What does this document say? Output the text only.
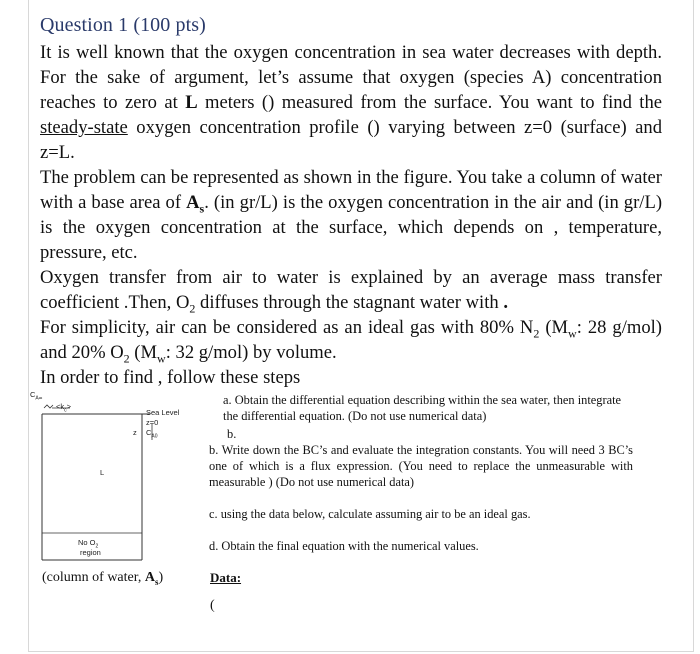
Question 1 (100 pts)

It is well known that the oxygen concentration in sea water decreases with depth. For the sake of argument, let’s assume that oxygen (species A) concentration reaches to zero at L meters () measured from the surface. You want to find the steady-state oxygen concentration profile () varying between z=0 (surface) and z=L.

The problem can be represented as shown in the figure. You take a column of water with a base area of $A_s$. (in gr/L) is the oxygen concentration in the air and (in gr/L) is the oxygen concentration at the surface, which depends on , temperature, pressure, etc.

Oxygen transfer from air to water is explained by an average mass transfer coefficient .Then, $O_2$ diffuses through the stagnant water with .

For simplicity, air can be considered as an ideal gas with 80% $N_2$ ($M_w$: 28 g/mol) and 20% $O_2$ ($M_w$: 32 g/mol) by volume.

In order to find , follow these steps

$C_{A\infty}$
$<k_c>$
Sea Level
z=0
z $C_{A0}$
L
No $O_2$
region
(column of water, $A_s$)
a. Obtain the differential equation describing within the sea water, then integrate the differential equation. (Do not use numerical data)
b.
b. Write down the BC’s and evaluate the integration constants. You will need 3 BC’s one of which is a flux expression. (You need to replace the unmeasurable with measurable ) (Do not use numerical data)
c. using the data below, calculate assuming air to be an ideal gas.
d. Obtain the final equation with the numerical values.
Data:
(
